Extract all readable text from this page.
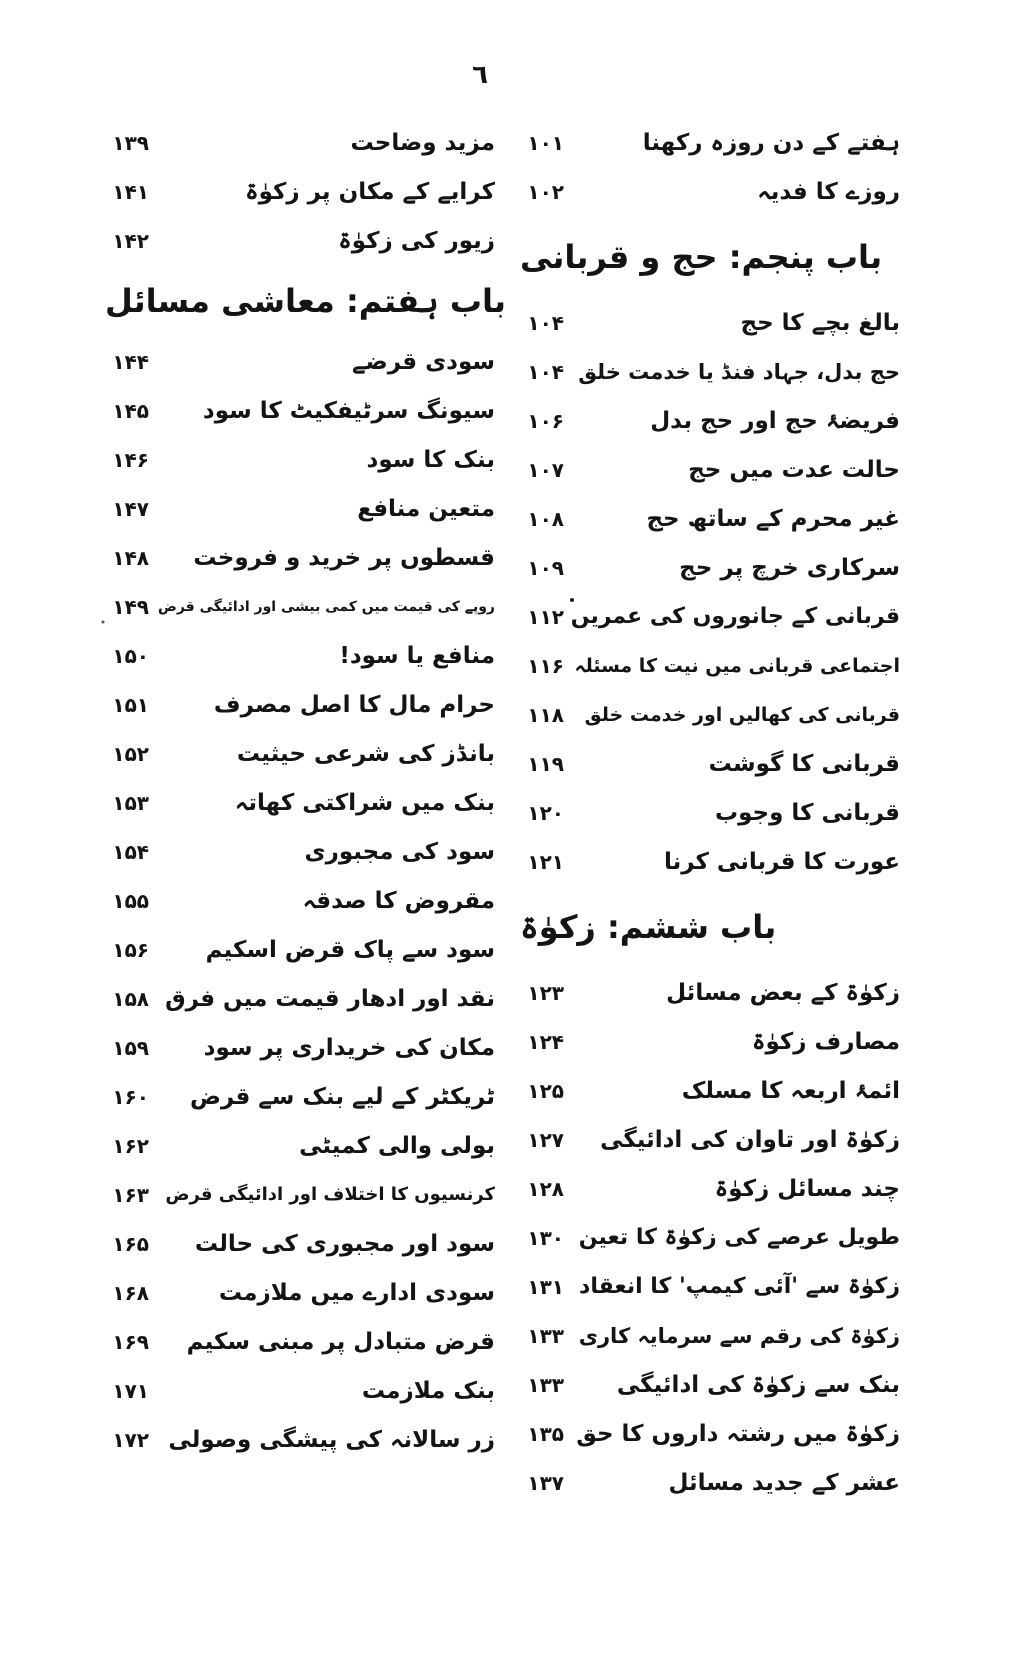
٦
۱۰۱	ہفتے کے دن روزہ رکھنا
۱۰۲	روزے کا فدیہ
باب پنجم: حج و قربانی
۱۰۴	بالغ بچے کا حج
۱۰۴ حج بدل، جہاد فنڈ یا خدمت خلق
۱۰۶	فریضۂ حج اور حج بدل
۱۰۷	حالت عدت میں حج
۱۰۸	غیر محرم کے ساتھ حج
۱۰۹	سرکاری خرچ پر حج
۱۱۲ قربانی کے جانوروں کی عمریں
۱۱۶ اجتماعی قربانی میں نیت کا مسئلہ
۱۱۸ قربانی کی کھالیں اور خدمت خلق
۱۱۹	قربانی کا گوشت
۱۲۰	قربانی کا وجوب
۱۲۱	عورت کا قربانی کرنا
باب ششم: زکوٰۃ
۱۲۳	زکوٰۃ کے بعض مسائل
۱۲۴	مصارف زکوٰۃ
۱۲۵	ائمۂ اربعہ کا مسلک
۱۲۷ زکوٰۃ اور تاوان کی ادائیگی
۱۲۸	چند مسائل زکوٰۃ
۱۳۰ طویل عرصے کی زکوٰۃ کا تعین
۱۳۱ زکوٰۃ سے 'آئی کیمپ' کا انعقاد
۱۳۳ زکوٰۃ کی رقم سے سرمایہ کاری
۱۳۳ بنک سے زکوٰۃ کی ادائیگی
۱۳۵ زکوٰۃ میں رشتہ داروں کا حق
۱۳۷	عشر کے جدید مسائل
۱۳۹	مزید وضاحت
۱۴۱	کرایے کے مکان پر زکوٰۃ
۱۴۲	زیور کی زکوٰۃ
باب ہفتم: معاشی مسائل
۱۴۴	سودی قرضے
۱۴۵ سیونگ سرٹیفکیٹ کا سود
۱۴۶	بنک کا سود
۱۴۷	متعین منافع
۱۴۸ قسطوں پر خرید و فروخت
۱۴۹ روپے کی قیمت میں کمی بیشی اور ادائیگی قرض
۱۵۰	منافع یا سود!
۱۵۱	حرام مال کا اصل مصرف
۱۵۲	بانڈز کی شرعی حیثیت
۱۵۳	بنک میں شراکتی کھاتہ
۱۵۴	سود کی مجبوری
۱۵۵	مقروض کا صدقہ
۱۵۶ سود سے پاک قرض اسکیم
۱۵۸ نقد اور ادھار قیمت میں فرق
۱۵۹ مکان کی خریداری پر سود
۱۶۰ ٹریکٹر کے لیے بنک سے قرض
۱۶۲	بولی والی کمیٹی
۱۶۳ کرنسیوں کا اختلاف اور ادائیگی قرض
۱۶۵ سود اور مجبوری کی حالت
۱۶۸	سودی ادارے میں ملازمت
۱۶۹ قرض متبادل پر مبنی سکیم
۱۷۱	بنک ملازمت
۱۷۲ زر سالانہ کی پیشگی وصولی
